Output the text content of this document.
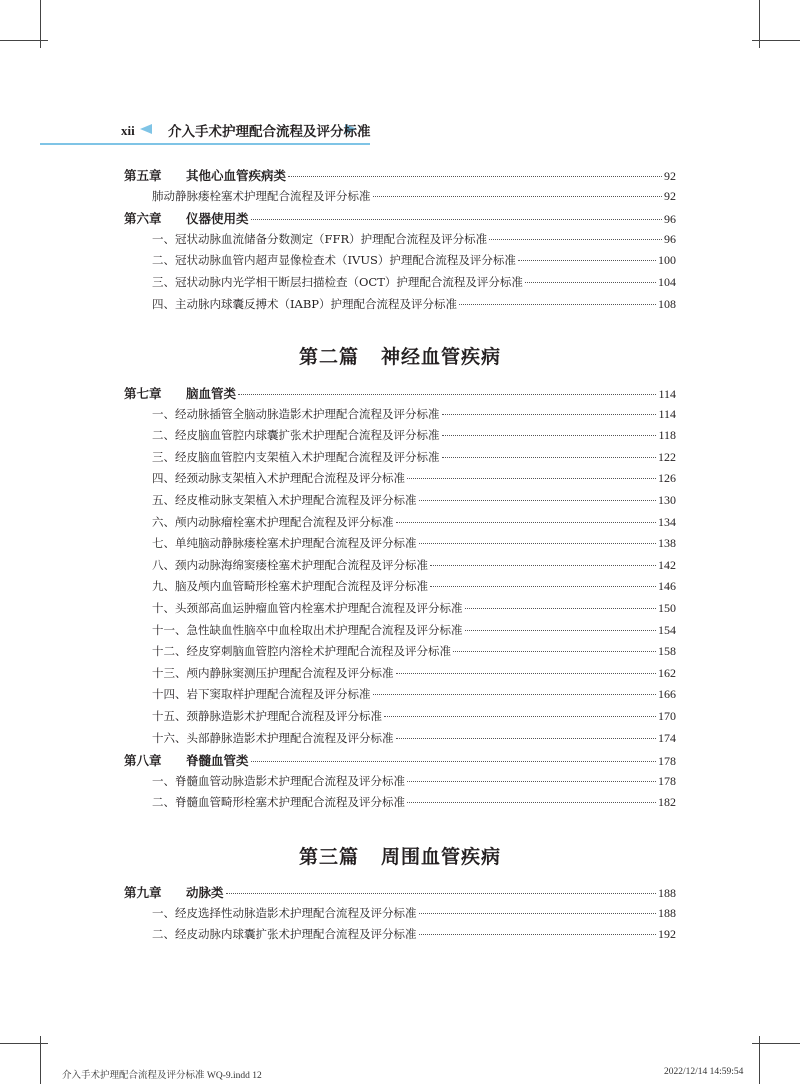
xii 介入手术护理配合流程及评分标准
第五章 其他心血管疾病类	92
肺动静脉瘘栓塞术护理配合流程及评分标准	92
第六章 仪器使用类	96
一、冠状动脉血流储备分数测定（FFR）护理配合流程及评分标准	96
二、冠状动脉血管内超声显像检查术（IVUS）护理配合流程及评分标准	100
三、冠状动脉内光学相干断层扫描检查（OCT）护理配合流程及评分标准	104
四、主动脉内球囊反搏术（IABP）护理配合流程及评分标准	108
第二篇 神经血管疾病
第七章 脑血管类	114
一、经动脉插管全脑动脉造影术护理配合流程及评分标准	114
二、经皮脑血管腔内球囊扩张术护理配合流程及评分标准	118
三、经皮脑血管腔内支架植入术护理配合流程及评分标准	122
四、经颈动脉支架植入术护理配合流程及评分标准	126
五、经皮椎动脉支架植入术护理配合流程及评分标准	130
六、颅内动脉瘤栓塞术护理配合流程及评分标准	134
七、单纯脑动静脉瘘栓塞术护理配合流程及评分标准	138
八、颈内动脉海绵窦瘘栓塞术护理配合流程及评分标准	142
九、脑及颅内血管畸形栓塞术护理配合流程及评分标准	146
十、头颈部高血运肿瘤血管内栓塞术护理配合流程及评分标准	150
十一、急性缺血性脑卒中血栓取出术护理配合流程及评分标准	154
十二、经皮穿刺脑血管腔内溶栓术护理配合流程及评分标准	158
十三、颅内静脉窦测压护理配合流程及评分标准	162
十四、岩下窦取样护理配合流程及评分标准	166
十五、颈静脉造影术护理配合流程及评分标准	170
十六、头部静脉造影术护理配合流程及评分标准	174
第八章 脊髓血管类	178
一、脊髓血管动脉造影术护理配合流程及评分标准	178
二、脊髓血管畸形栓塞术护理配合流程及评分标准	182
第三篇 周围血管疾病
第九章 动脉类	188
一、经皮选择性动脉造影术护理配合流程及评分标准	188
二、经皮动脉内球囊扩张术护理配合流程及评分标准	192
介入手术护理配合流程及评分标准 WQ-9.indd 12	2022/12/14 14:59:54
